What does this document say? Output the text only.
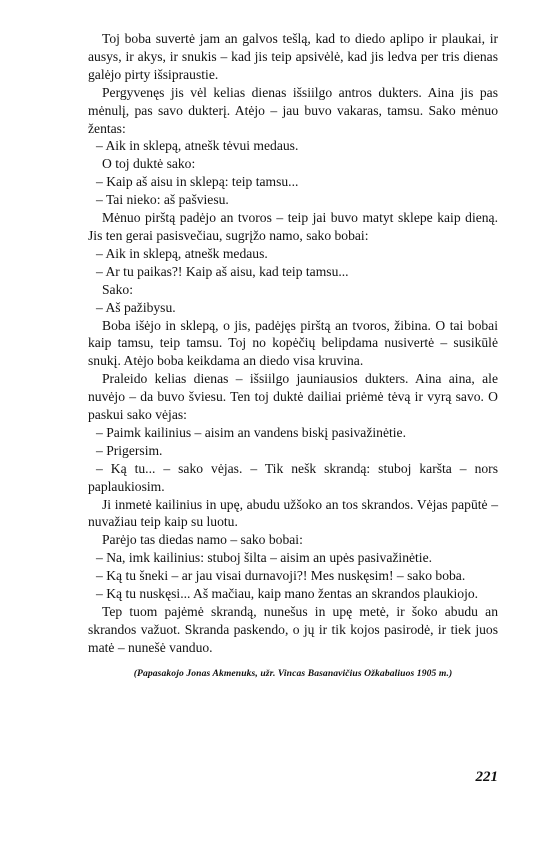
Toj boba suvertė jam an galvos tešlą, kad to diedo aplipo ir plaukai, ir ausys, ir akys, ir snukis – kad jis teip apsivėlė, kad jis ledva per tris dienas galėjo pirty išsipraustie.

Pergyvenęs jis vėl kelias dienas išsiilgo antros dukters. Aina jis pas mėnulį, pas savo dukterį. Atėjo – jau buvo vakaras, tamsu. Sako mėnuo žentas:

– Aik in sklepą, atnešk tėvui medaus.

O toj duktė sako:

– Kaip aš aisu in sklepą: teip tamsu...

– Tai nieko: aš pašviesu.

Mėnuo pirštą padėjo an tvoros – teip jai buvo matyt sklepe kaip dieną. Jis ten gerai pasisvečiau, sugrįžo namo, sako bobai:

– Aik in sklepą, atnešk medaus.

– Ar tu paikas?! Kaip aš aisu, kad teip tamsu...

Sako:

– Aš pažibysu.

Boba išėjo in sklepą, o jis, padėjęs pirštą an tvoros, žibina. O tai bobai kaip tamsu, teip tamsu. Toj no kopėčių belipdama nusivertė – susikūlė snukį. Atėjo boba keikdama an diedo visa kruvina.

Praleido kelias dienas – išsiilgo jauniausios dukters. Aina aina, ale nuvėjo – da buvo šviesu. Ten toj duktė dailiai priėmė tėvą ir vyrą savo. O paskui sako vėjas:

– Paimk kailinius – aisim an vandens biskį pasivažinėtie.

– Prigersim.

– Ką tu... – sako vėjas. – Tik nešk skrandą: stuboj karšta – nors paplaukiosim.

Ji inmetė kailinius in upę, abudu užšoko an tos skrandos. Vėjas papūtė – nuvažiau teip kaip su luotu.

Parėjo tas diedas namo – sako bobai:

– Na, imk kailinius: stuboj šilta – aisim an upės pasivažinėtie.

– Ką tu šneki – ar jau visai durnavoji?! Mes nuskęsim! – sako boba.

– Ką tu nuskęsi... Aš mačiau, kaip mano žentas an skrandos plaukiojo.

Tep tuom pajėmė skrandą, nunešus in upę metė, ir šoko abudu an skrandos važuot. Skranda paskendo, o jų ir tik kojos pasirodė, ir tiek juos matė – nunešė vanduo.

(Papasakojo Jonas Akmenuks, užr. Vincas Basanavičius Ožkabaliuos 1905 m.)

221
